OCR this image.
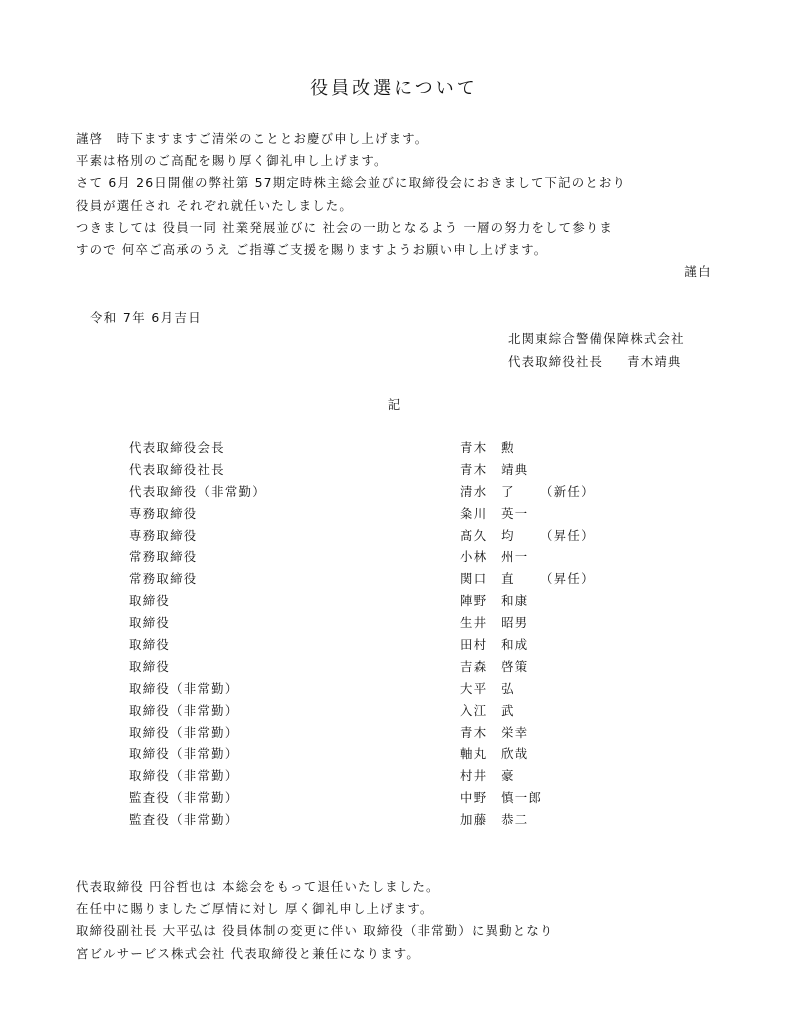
役員改選について
謹啓　時下ますますご清栄のこととお慶び申し上げます。
平素は格別のご高配を賜り厚く御礼申し上げます。
さて 6月 26日開催の弊社第 57期定時株主総会並びに取締役会におきまして下記のとおり
役員が選任され それぞれ就任いたしました。
つきましては 役員一同 社業発展並びに 社会の一助となるよう 一層の努力をして参りま
すので 何卒ご高承のうえ ご指導ご支援を賜りますようお願い申し上げます。
謹白
令和 7年 6月吉日
北関東綜合警備保障株式会社
代表取締役社長 青木靖典
記
代表取締役会長	青木　勲
代表取締役社長	青木　靖典
代表取締役（非常勤）	清水　了 （新任）
専務取締役	粂川　英一
専務取締役	髙久　均 （昇任）
常務取締役	小林　州一
常務取締役	関口　直 （昇任）
取締役	陣野　和康
取締役	生井　昭男
取締役	田村　和成
取締役	吉森　啓策
取締役（非常勤）	大平　弘
取締役（非常勤）	入江　武
取締役（非常勤）	青木　栄幸
取締役（非常勤）	軸丸　欣哉
取締役（非常勤）	村井　豪
監査役（非常勤）	中野　慎一郎
監査役（非常勤）	加藤　恭二
代表取締役 円谷哲也は 本総会をもって退任いたしました。
在任中に賜りましたご厚情に対し 厚く御礼申し上げます。
取締役副社長 大平弘は 役員体制の変更に伴い 取締役（非常勤）に異動となり
宮ビルサービス株式会社 代表取締役と兼任になります。
